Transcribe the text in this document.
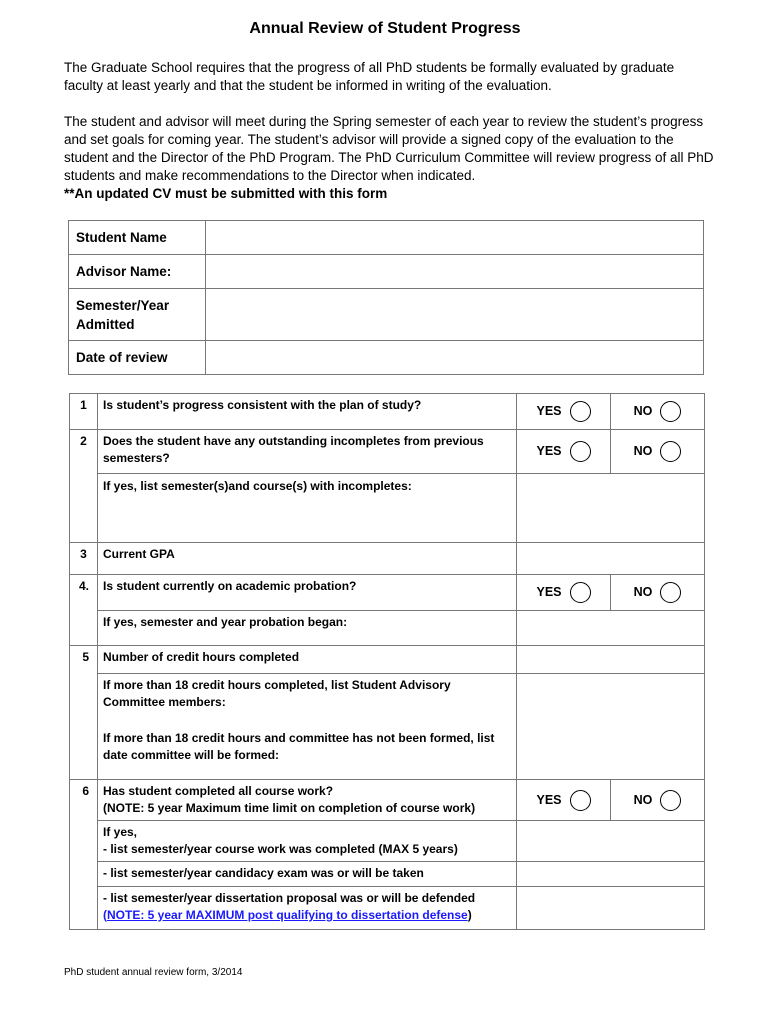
Annual Review of Student Progress
The Graduate School requires that the progress of all PhD students be formally evaluated by graduate faculty at least yearly and that the student be informed in writing of the evaluation.
The student and advisor will meet during the Spring semester of each year to review the student’s progress and set goals for coming year. The student’s advisor will provide a signed copy of the evaluation to the student and the Director of the PhD Program. The PhD Curriculum Committee will review progress of all PhD students and make recommendations to the Director when indicated.
**An updated CV must be submitted with this form
Student Name	
Advisor Name:	
Semester/Year Admitted	
Date of review	
1	Is student’s progress consistent with the plan of study?	YES	NO

2	Does the student have any outstanding incompletes from previous semesters?	YES	NO

	If yes, list semester(s)and course(s) with incompletes:		
3	Current GPA		
4.	Is student currently on academic probation?	YES	NO

	If yes, semester and year probation began:		
5	Number of credit hours completed		
	If more than 18 credit hours completed, list Student Advisory Committee members:		
	If more than 18 credit hours and committee has not been formed, list date committee will be formed:		
6	Has student completed all course work?
(NOTE: 5 year Maximum time limit on completion of course work)	YES	NO

	If yes,
- list semester/year course work was completed (MAX 5 years)		

	- list semester/year candidacy exam was or will be taken		

	- list semester/year dissertation proposal was or will be defended
(NOTE: 5 year MAXIMUM post qualifying to dissertation defense)		

PhD student annual review form, 3/2014
